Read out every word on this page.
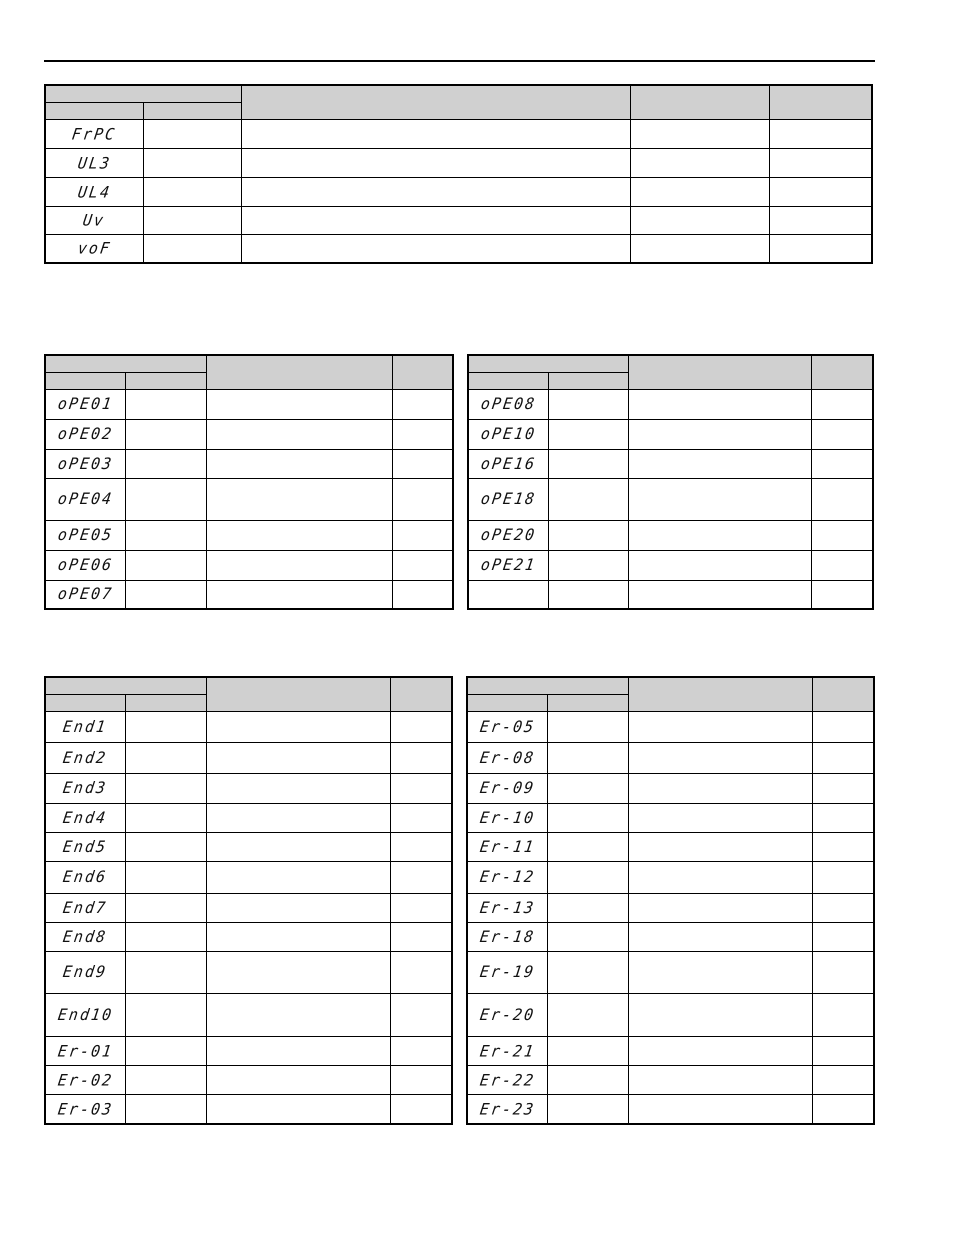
FrPC				
UL3				
UL4				
Uv				
voF				

oPE01			
oPE02			
oPE03			
oPE04			
oPE05			
oPE06			
oPE07			

oPE08			
oPE10			
oPE16			
oPE18			
oPE20			
oPE21			

End1			
End2			
End3			
End4			
End5			
End6			
End7			
End8			
End9			
End10			
Er-01			
Er-02			
Er-03			

Er-05			
Er-08			
Er-09			
Er-10			
Er-11			
Er-12			
Er-13			
Er-18			
Er-19			
Er-20			
Er-21			
Er-22			
Er-23			
